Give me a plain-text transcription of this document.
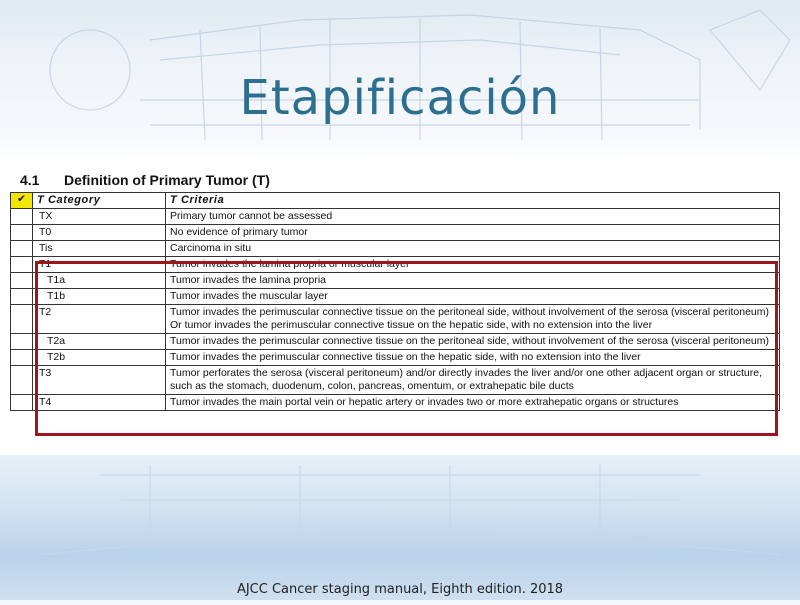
Etapificación
4.1 Definition of Primary Tumor (T)
✔	T Category	T Criteria
	TX	Primary tumor cannot be assessed
	T0	No evidence of primary tumor
	Tis	Carcinoma in situ
	T1	Tumor invades the lamina propria or muscular layer
	T1a	Tumor invades the lamina propria
	T1b	Tumor invades the muscular layer
	T2	Tumor invades the perimuscular connective tissue on the peritoneal side, without involvement of the serosa (visceral peritoneum)
Or tumor invades the perimuscular connective tissue on the hepatic side, with no extension into the liver

	T2a	Tumor invades the perimuscular connective tissue on the peritoneal side, without involvement of the serosa (visceral peritoneum)
	T2b	Tumor invades the perimuscular connective tissue on the hepatic side, with no extension into the liver
	T3	Tumor perforates the serosa (visceral peritoneum) and/or directly invades the liver and/or one other adjacent organ or structure, such as the stomach, duodenum, colon, pancreas, omentum, or extrahepatic bile ducts
	T4	Tumor invades the main portal vein or hepatic artery or invades two or more extrahepatic organs or structures
AJCC Cancer staging manual, Eighth edition. 2018
